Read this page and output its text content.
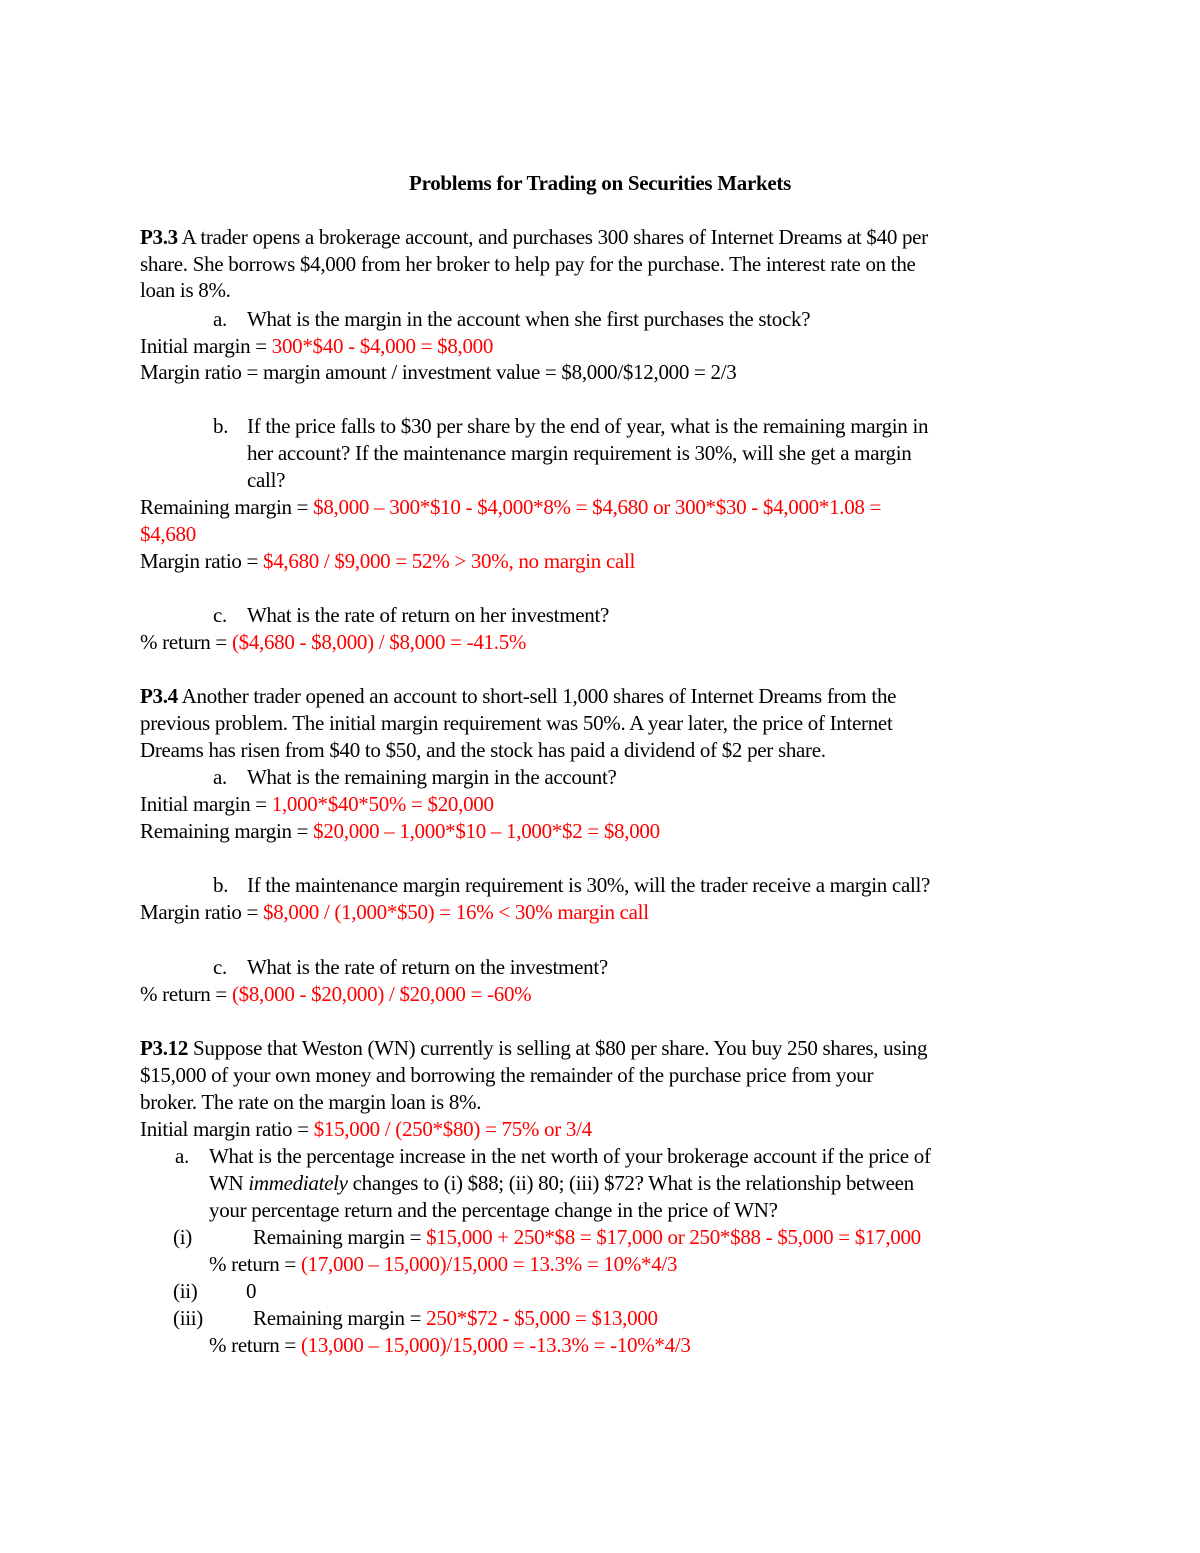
Problems for Trading on Securities Markets
P3.3 A trader opens a brokerage account, and purchases 300 shares of Internet Dreams at $40 per
share. She borrows $4,000 from her broker to help pay for the purchase. The interest rate on the
loan is 8%.
a. What is the margin in the account when she first purchases the stock?
Initial margin = 300*$40 - $4,000 = $8,000
Margin ratio = margin amount / investment value = $8,000/$12,000 = 2/3
b. If the price falls to $30 per share by the end of year, what is the remaining margin in
her account? If the maintenance margin requirement is 30%, will she get a margin
call?
Remaining margin = $8,000 – 300*$10 - $4,000*8% = $4,680 or 300*$30 - $4,000*1.08 =
$4,680
Margin ratio = $4,680 / $9,000 = 52% > 30%, no margin call
c. What is the rate of return on her investment?
% return = ($4,680 - $8,000) / $8,000 = -41.5%
P3.4 Another trader opened an account to short-sell 1,000 shares of Internet Dreams from the
previous problem. The initial margin requirement was 50%. A year later, the price of Internet
Dreams has risen from $40 to $50, and the stock has paid a dividend of $2 per share.
a. What is the remaining margin in the account?
Initial margin = 1,000*$40*50% = $20,000
Remaining margin = $20,000 – 1,000*$10 – 1,000*$2 = $8,000
b. If the maintenance margin requirement is 30%, will the trader receive a margin call?
Margin ratio = $8,000 / (1,000*$50) = 16% < 30% margin call
c. What is the rate of return on the investment?
% return = ($8,000 - $20,000) / $20,000 = -60%
P3.12 Suppose that Weston (WN) currently is selling at $80 per share. You buy 250 shares, using
$15,000 of your own money and borrowing the remainder of the purchase price from your
broker. The rate on the margin loan is 8%.
Initial margin ratio = $15,000 / (250*$80) = 75% or 3/4
a. What is the percentage increase in the net worth of your brokerage account if the price of
WN immediately changes to (i) $88; (ii) 80; (iii) $72? What is the relationship between
your percentage return and the percentage change in the price of WN?
(i)	Remaining margin = $15,000 + 250*$8 = $17,000 or 250*$88 - $5,000 = $17,000
% return = (17,000 – 15,000)/15,000 = 13.3% = 10%*4/3
(ii) 0
(iii) Remaining margin = 250*$72 - $5,000 = $13,000
% return = (13,000 – 15,000)/15,000 = -13.3% = -10%*4/3
